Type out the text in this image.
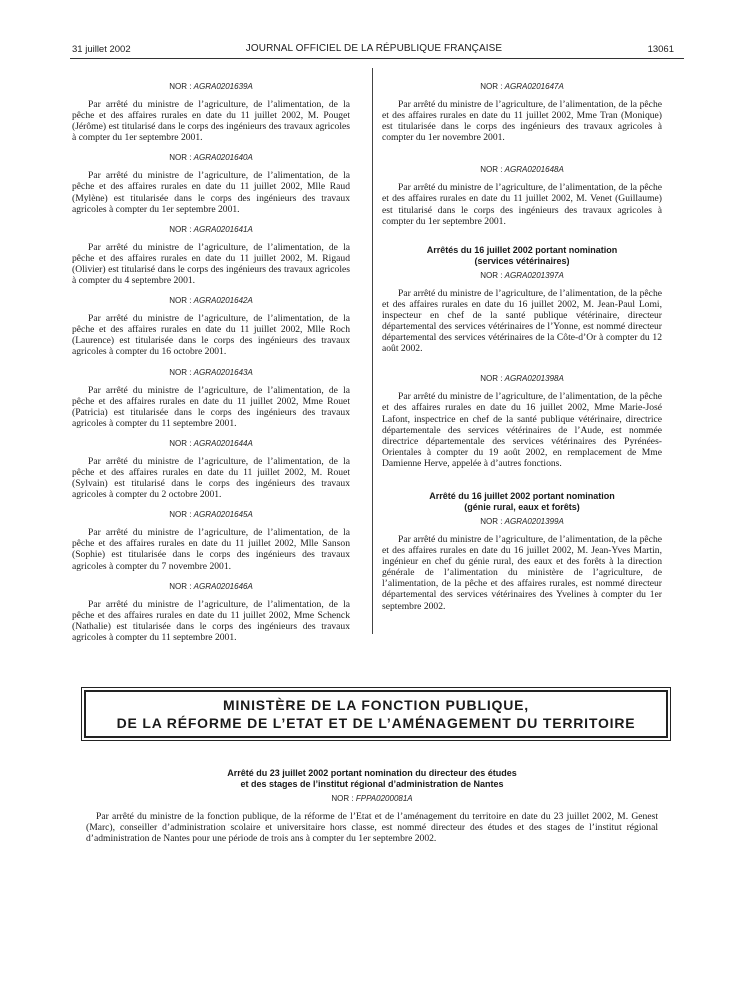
31 juillet 2002	JOURNAL OFFICIEL DE LA RÉPUBLIQUE FRANÇAISE	13061
NOR : AGRA0201639A

Par arrêté du ministre de l’agriculture, de l’alimentation, de la pêche et des affaires rurales en date du 11 juillet 2002, M. Pouget (Jérôme) est titularisé dans le corps des ingénieurs des travaux agricoles à compter du 1er septembre 2001.

NOR : AGRA0201640A

Par arrêté du ministre de l’agriculture, de l’alimentation, de la pêche et des affaires rurales en date du 11 juillet 2002, Mlle Raud (Mylène) est titularisée dans le corps des ingénieurs des travaux agricoles à compter du 1er septembre 2001.

NOR : AGRA0201641A

Par arrêté du ministre de l’agriculture, de l’alimentation, de la pêche et des affaires rurales en date du 11 juillet 2002, M. Rigaud (Olivier) est titularisé dans le corps des ingénieurs des travaux agricoles à compter du 4 septembre 2001.

NOR : AGRA0201642A

Par arrêté du ministre de l’agriculture, de l’alimentation, de la pêche et des affaires rurales en date du 11 juillet 2002, Mlle Roch (Laurence) est titularisée dans le corps des ingénieurs des travaux agricoles à compter du 16 octobre 2001.

NOR : AGRA0201643A

Par arrêté du ministre de l’agriculture, de l’alimentation, de la pêche et des affaires rurales en date du 11 juillet 2002, Mme Rouet (Patricia) est titularisée dans le corps des ingénieurs des travaux agricoles à compter du 11 septembre 2001.

NOR : AGRA0201644A

Par arrêté du ministre de l’agriculture, de l’alimentation, de la pêche et des affaires rurales en date du 11 juillet 2002, M. Rouet (Sylvain) est titularisé dans le corps des ingénieurs des travaux agricoles à compter du 2 octobre 2001.

NOR : AGRA0201645A

Par arrêté du ministre de l’agriculture, de l’alimentation, de la pêche et des affaires rurales en date du 11 juillet 2002, Mlle Sanson (Sophie) est titularisée dans le corps des ingénieurs des travaux agricoles à compter du 7 novembre 2001.

NOR : AGRA0201646A

Par arrêté du ministre de l’agriculture, de l’alimentation, de la pêche et des affaires rurales en date du 11 juillet 2002, Mme Schenck (Nathalie) est titularisée dans le corps des ingénieurs des travaux agricoles à compter du 11 septembre 2001.

NOR : AGRA0201647A

Par arrêté du ministre de l’agriculture, de l’alimentation, de la pêche et des affaires rurales en date du 11 juillet 2002, Mme Tran (Monique) est titularisée dans le corps des ingénieurs des travaux agricoles à compter du 1er novembre 2001.

NOR : AGRA0201648A

Par arrêté du ministre de l’agriculture, de l’alimentation, de la pêche et des affaires rurales en date du 11 juillet 2002, M. Venet (Guillaume) est titularisé dans le corps des ingénieurs des travaux agricoles à compter du 1er septembre 2001.

Arrêtés du 16 juillet 2002 portant nomination
(services vétérinaires)
NOR : AGRA0201397A

Par arrêté du ministre de l’agriculture, de l’alimentation, de la pêche et des affaires rurales en date du 16 juillet 2002, M. Jean-Paul Lomi, inspecteur en chef de la santé publique vétérinaire, directeur départemental des services vétérinaires de l’Yonne, est nommé directeur départemental des services vétérinaires de la Côte-d’Or à compter du 12 août 2002.

NOR : AGRA0201398A

Par arrêté du ministre de l’agriculture, de l’alimentation, de la pêche et des affaires rurales en date du 16 juillet 2002, Mme Marie-José Lafont, inspectrice en chef de la santé publique vétérinaire, directrice départementale des services vétérinaires de l’Aude, est nommée directrice départementale des services vétérinaires des Pyrénées-Orientales à compter du 19 août 2002, en remplacement de Mme Damienne Herve, appelée à d’autres fonctions.

Arrêté du 16 juillet 2002 portant nomination
(génie rural, eaux et forêts)
NOR : AGRA0201399A

Par arrêté du ministre de l’agriculture, de l’alimentation, de la pêche et des affaires rurales en date du 16 juillet 2002, M. Jean-Yves Martin, ingénieur en chef du génie rural, des eaux et des forêts à la direction générale de l’alimentation du ministère de l’agriculture, de l’alimentation, de la pêche et des affaires rurales, est nommé directeur départemental des services vétérinaires des Yvelines à compter du 1er septembre 2002.

MINISTÈRE DE LA FONCTION PUBLIQUE,
DE LA RÉFORME DE L’ETAT ET DE L’AMÉNAGEMENT DU TERRITOIRE
Arrêté du 23 juillet 2002 portant nomination du directeur des études
et des stages de l’institut régional d’administration de Nantes
NOR : FPPA0200081A

Par arrêté du ministre de la fonction publique, de la réforme de l’Etat et de l’aménagement du territoire en date du 23 juillet 2002, M. Genest (Marc), conseiller d’administration scolaire et universitaire hors classe, est nommé directeur des études et des stages de l’institut régional d’administration de Nantes pour une période de trois ans à compter du 1er septembre 2002.
